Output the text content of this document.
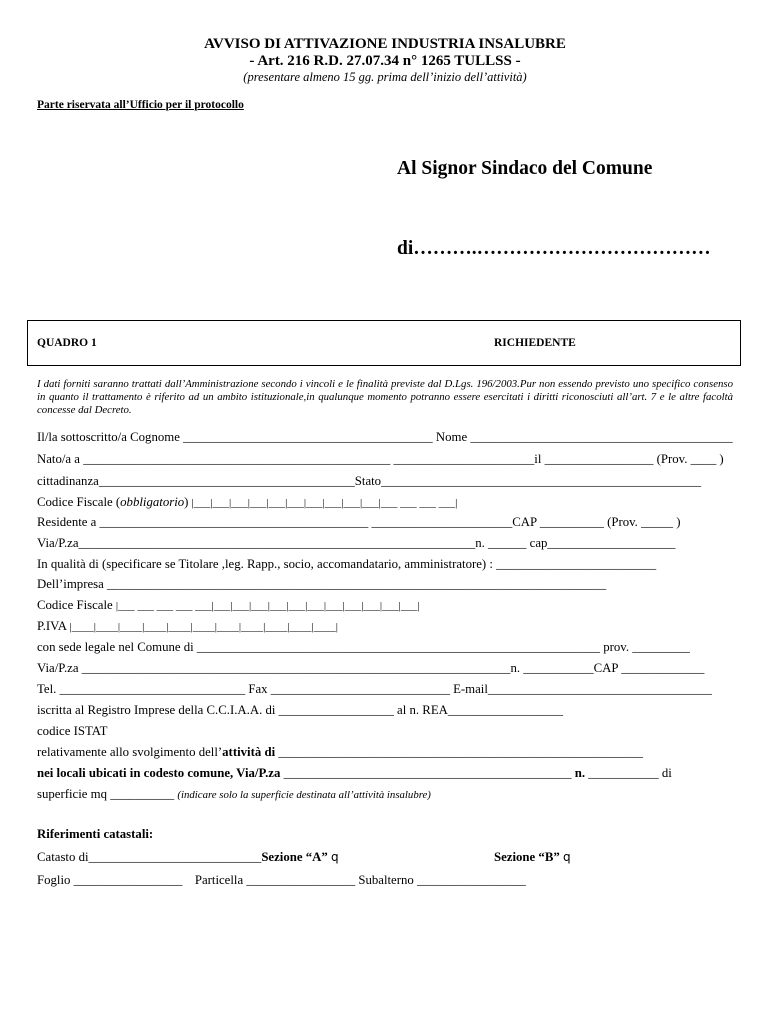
AVVISO DI ATTIVAZIONE INDUSTRIA INSALUBRE
- Art. 216 R.D. 27.07.34 n° 1265 TULLSS -
(presentare almeno 15 gg. prima dell’inizio dell’attività)
Parte riservata all’Ufficio per il protocollo
Al Signor Sindaco del Comune
di……….………………………………
QUADRO 1	RICHIEDENTE
I dati forniti saranno trattati dall’Amministrazione secondo i vincoli e le finalità previste dal D.Lgs. 196/2003.Pur non essendo previsto uno specifico consenso in quanto il trattamento è riferito ad un ambito istituzionale,in qualunque momento potranno essere esercitati i diritti riconosciuti all’art. 7 e le altre facoltà concesse dal Decreto.
Il/la sottoscritto/a Cognome _______________________________________ Nome _________________________________________
Nato/a a ________________________________________________ ______________________il _________________ (Prov. ____ )
cittadinanza________________________________________Stato__________________________________________________
Codice Fiscale (obbligatorio) |___|___|___|___|___|___|___|___|___|___|___ ___ ___ ___|
Residente a __________________________________________ ______________________CAP __________ (Prov. _____ )
Via/P.za______________________________________________________________n. ______ cap____________________
In qualità di (specificare se Titolare ,leg. Rapp., socio, accomandatario, amministratore) : _________________________
Dell’impresa ______________________________________________________________________________
Codice Fiscale |___ ___ ___ ___ ___|___|___|___|___|___|___|___|___|___|___|___|
P.IVA |____|____|____|____|____|____|____|____|____|____|____|
con sede legale nel Comune di _______________________________________________________________ prov. _________
Via/P.za ___________________________________________________________________n. ___________CAP _____________
Tel. _____________________________ Fax ____________________________ E-mail___________________________________
iscritta al Registro Imprese della C.C.I.A.A. di __________________ al n. REA__________________
codice ISTAT
relativamente allo svolgimento dell’attività di _________________________________________________________
nei locali ubicati in codesto comune, Via/P.za _____________________________________________ n. ___________ di
superficie mq __________ (indicare solo la superficie destinata all’attività insalubre)
Riferimenti catastali:
Catasto di___________________________Sezione “A” q	Sezione “B” q
Foglio _________________ Particella _________________ Subalterno _________________
